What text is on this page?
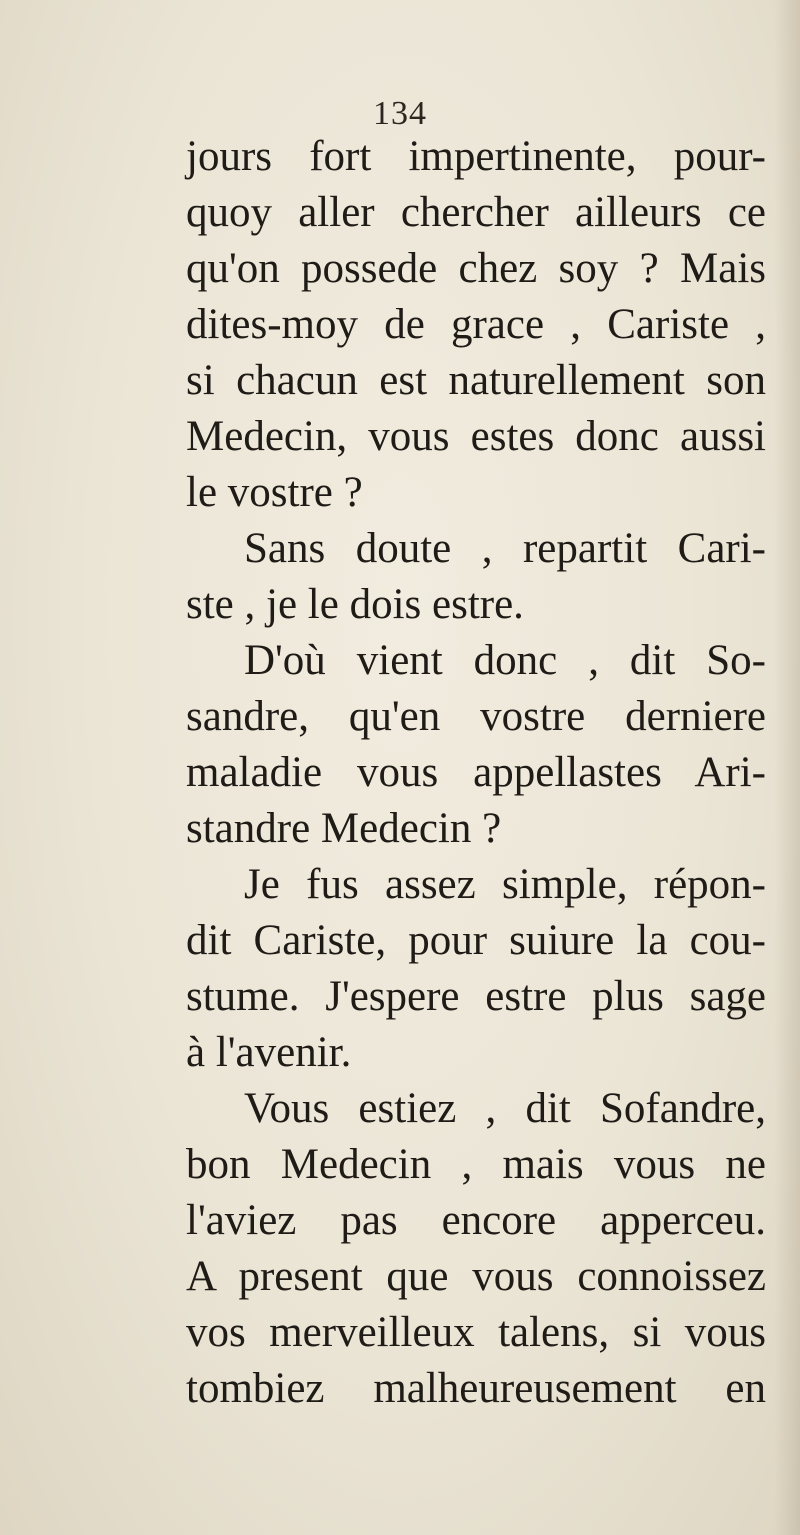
134
jours fort impertinente, pour-
quoy aller chercher ailleurs ce
qu'on possede chez soy ? Mais
dites-moy de grace , Cariste ,
si chacun est naturellement son
Medecin, vous estes donc aussi
le vostre ?
Sans doute , repartit Cari-
ste , je le dois estre.
D'où vient donc , dit So-
sandre, qu'en vostre derniere
maladie vous appellastes Ari-
standre Medecin ?
Je fus assez simple, répon-
dit Cariste, pour suiure la cou-
stume. J'espere estre plus sage
à l'avenir.
Vous estiez , dit Sofandre,
bon Medecin , mais vous ne
l'aviez pas encore apperceu.
A present que vous connoissez
vos merveilleux talens, si vous
tombiez malheureusement en
